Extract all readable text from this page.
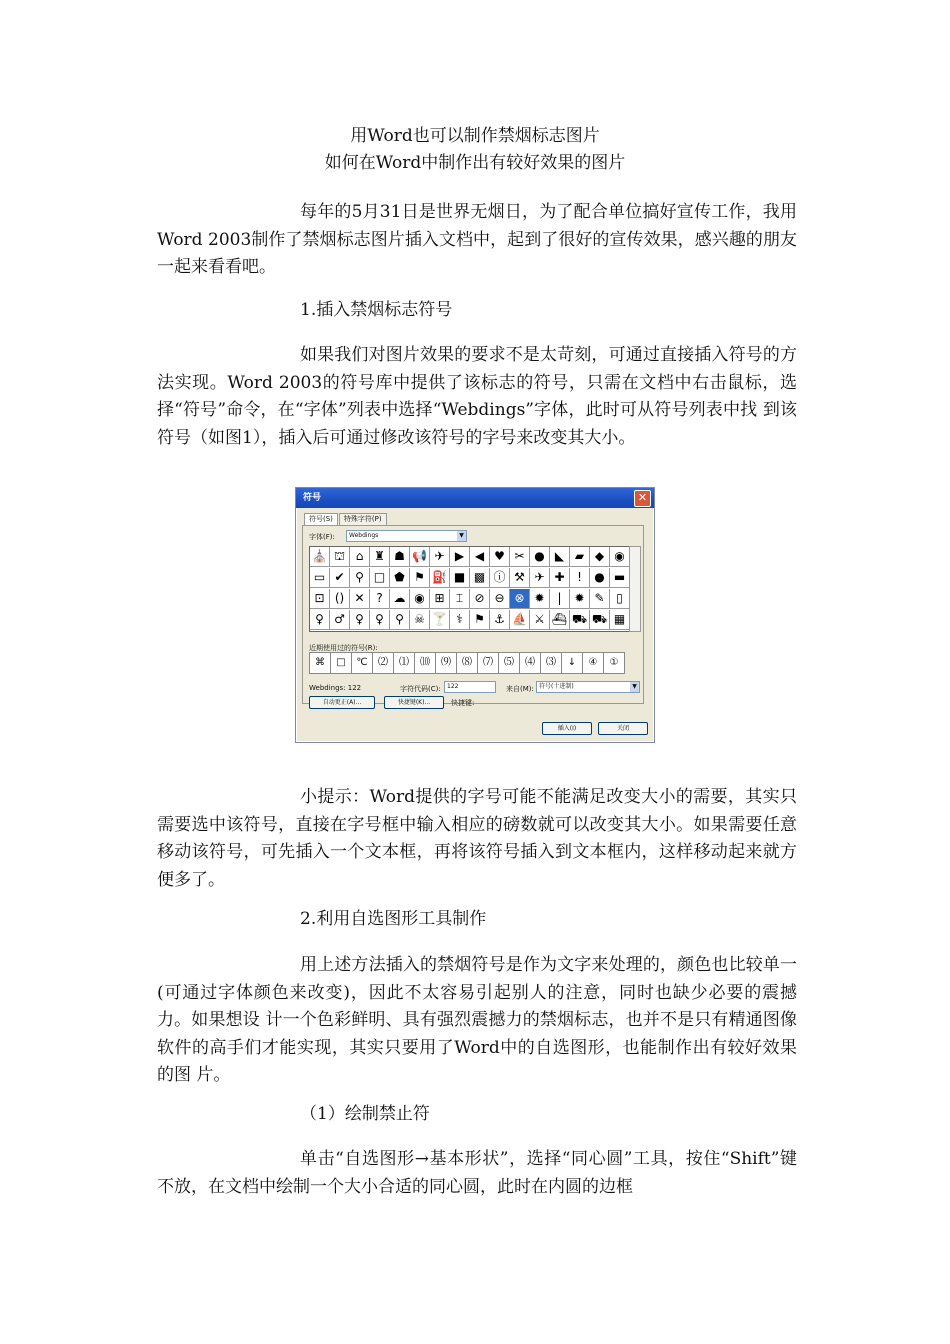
用Word也可以制作禁烟标志图片
如何在Word中制作出有较好效果的图片

每年的5月31日是世界无烟日，为了配合单位搞好宣传工作，我用Word 2003制作了禁烟标志图片插入文档中，起到了很好的宣传效果，感兴趣的朋友一起来看看吧。

1.插入禁烟标志符号

如果我们对图片效果的要求不是太苛刻，可通过直接插入符号的方法实现。Word 2003的符号库中提供了该标志的符号，只需在文档中右击鼠标，选择“符号”命令，在“字体”列表中选择“Webdings”字体，此时可从符号列表中找 到该符号（如图1），插入后可通过修改该符号的字号来改变其大小。

符号	✕
符号(S) 特殊字符(P)
字体(F):	Webdings	▼
⛪ ⛫ ⌂ ♜ ☗ 📢 ✈ ▶ ◀ ♥ ✂ ● ◣ ▰ ◆ ◉
▭ ✔ ⚲ □ ⬟ ⚑ ⛽ ■ ▩ ⓘ ⚒ ✈ ✚	!	● ▬
⊡ () ✕ ? ☁ ◉ ⊞ ⌶ ⊘ ⊖ ⊗ ✹	|	✹ ✎ ▯
♀ ♂ ♀ ♀ ⚲ ☠ 🍸 ⚕ ⚑ ⚓ ⛵ ⚔ ⛴ ⛟ ⛟ ▦
近期使用过的符号(R):
⌘	□	℃	⑵	⑴	⑽	⑼	⑻	⑺	⑸	⑷	⑶	↓	④	①
Webdings: 122	字符代码(C):	122	来自(M): 符号(十进制)	▼
自动更正(A)...	快捷键(K)...	快捷键:
插入(I)	关闭

小提示：Word提供的字号可能不能满足改变大小的需要，其实只需要选中该符号，直接在字号框中输入相应的磅数就可以改变其大小。如果需要任意移动该符号，可先插入一个文本框，再将该符号插入到文本框内，这样移动起来就方便多了。

2.利用自选图形工具制作

用上述方法插入的禁烟符号是作为文字来处理的，颜色也比较单一(可通过字体颜色来改变)，因此不太容易引起别人的注意，同时也缺少必要的震撼力。如果想设 计一个色彩鲜明、具有强烈震撼力的禁烟标志，也并不是只有精通图像软件的高手们才能实现，其实只要用了Word中的自选图形，也能制作出有较好效果的图 片。

（1）绘制禁止符

单击“自选图形→基本形状”，选择“同心圆”工具，按住“Shift”键不放，在文档中绘制一个大小合适的同心圆，此时在内圆的边框
